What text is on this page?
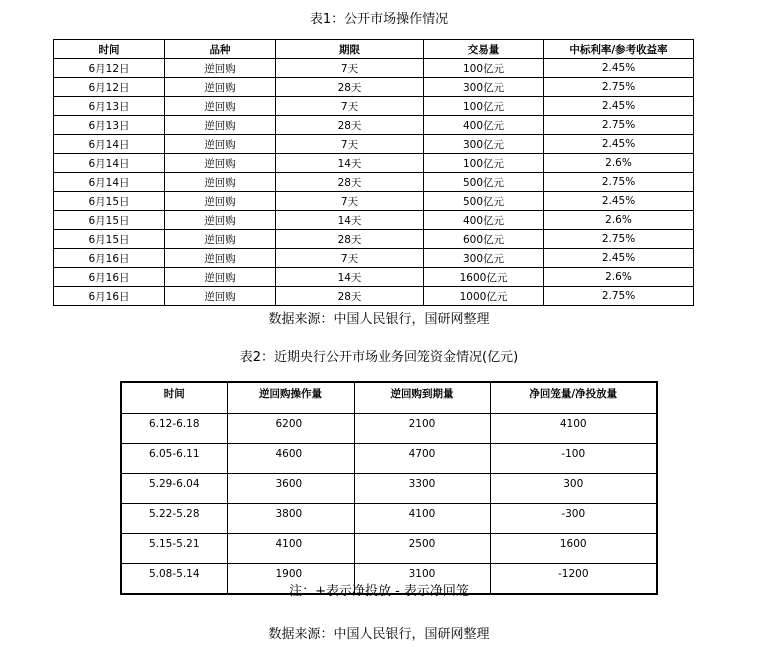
表1：公开市场操作情况
时间	品种	期限	交易量	中标利率/参考收益率
6月12日	逆回购	7天	100亿元	2.45%
6月12日	逆回购	28天	300亿元	2.75%
6月13日	逆回购	7天	100亿元	2.45%
6月13日	逆回购	28天	400亿元	2.75%
6月14日	逆回购	7天	300亿元	2.45%
6月14日	逆回购	14天	100亿元	2.6%
6月14日	逆回购	28天	500亿元	2.75%
6月15日	逆回购	7天	500亿元	2.45%
6月15日	逆回购	14天	400亿元	2.6%
6月15日	逆回购	28天	600亿元	2.75%
6月16日	逆回购	7天	300亿元	2.45%
6月16日	逆回购	14天	1600亿元	2.6%
6月16日	逆回购	28天	1000亿元	2.75%
数据来源：中国人民银行，国研网整理
表2：近期央行公开市场业务回笼资金情况(亿元)
时间	逆回购操作量	逆回购到期量	净回笼量/净投放量
6.12-6.18	6200	2100	4100
6.05-6.11	4600	4700	-100
5.29-6.04	3600	3300	300
5.22-5.28	3800	4100	-300
5.15-5.21	4100	2500	1600
5.08-5.14	1900	3100	-1200
注：+表示净投放 - 表示净回笼
数据来源：中国人民银行，国研网整理
